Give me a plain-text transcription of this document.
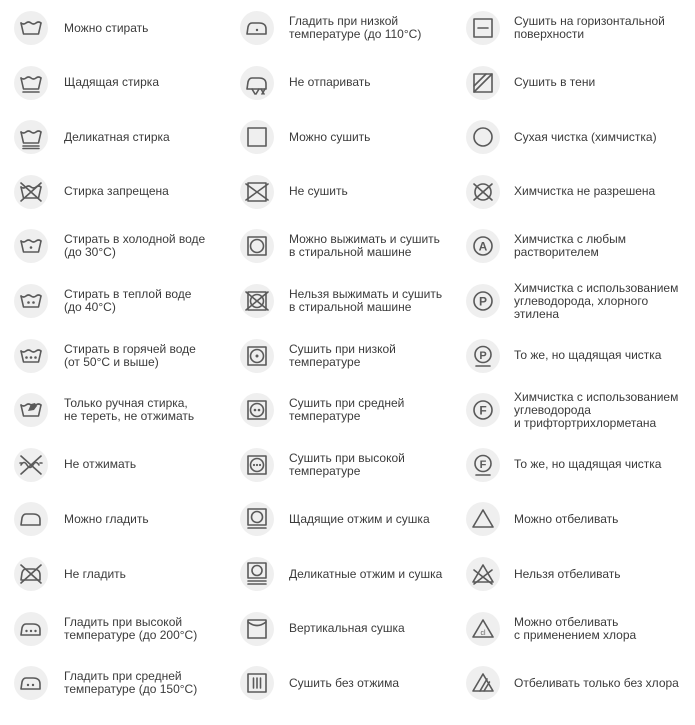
Можно стирать
Щадящая стирка
Деликатная стирка
Стирка запрещена
Стирать в холодной воде
(до 30°C)
Стирать в теплой воде
(до 40°C)
Стирать в горячей воде
(от 50°C и выше)
Только ручная стирка,
не тереть, не отжимать
Не отжимать
Можно гладить
Не гладить
Гладить при высокой
температуре (до 200°C)
Гладить при средней
температуре (до 150°C)
Гладить при низкой
температуре (до 110°C)
Не отпаривать
Можно сушить
Не сушить
Можно выжимать и сушить
в стиральной машине
Нельзя выжимать и сушить
в стиральной машине
Сушить при низкой
температуре
Сушить при средней
температуре
Сушить при высокой
температуре
Щадящие отжим и сушка
Деликатные отжим и сушка
Вертикальная сушка
Сушить без отжима
Сушить на горизонтальной
поверхности
Сушить в тени
Сухая чистка (химчистка)
Химчистка не разрешена
A
Химчистка с любым
растворителем
P
Химчистка с использованием
углеводорода, хлорного
этилена
P То же, но щадящая чистка
F
Химчистка с использованием
углеводорода
и трифтортрихлорметана
F То же, но щадящая чистка
Можно отбеливать
Нельзя отбеливать
cl
Можно отбеливать
с применением хлора
Отбеливать только без хлора
